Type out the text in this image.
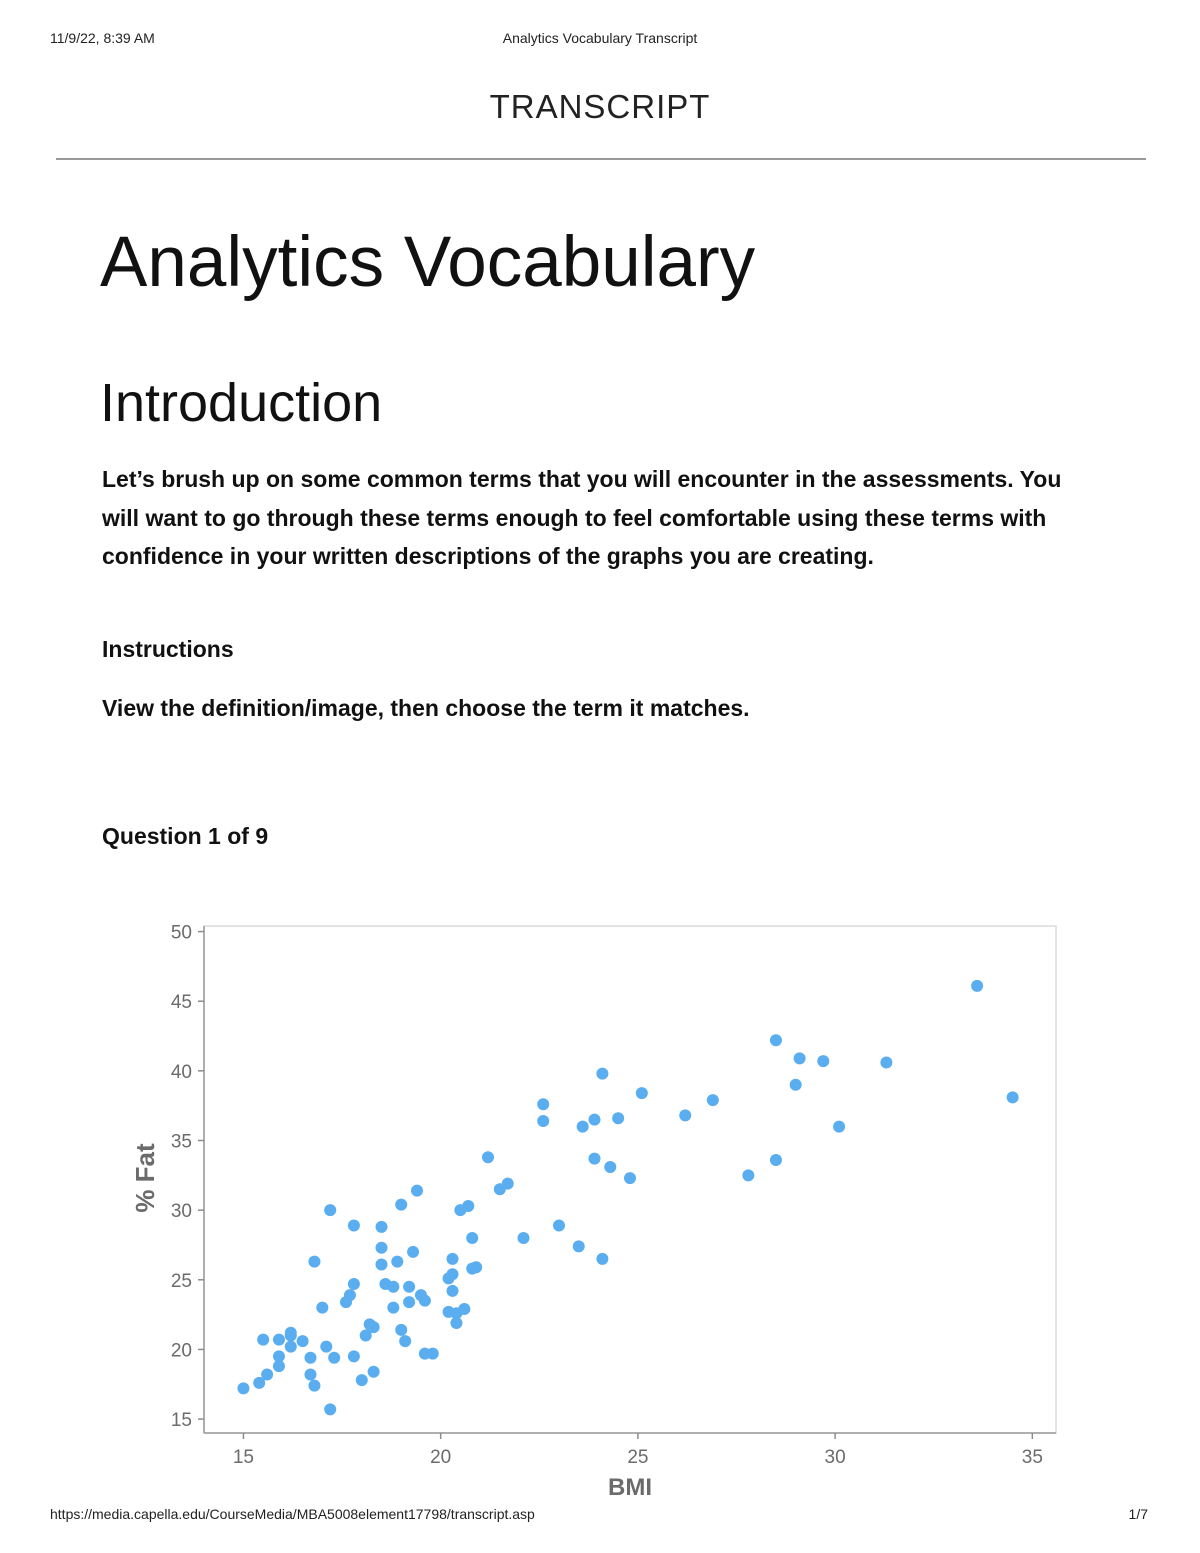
11/9/22, 8:39 AM	Analytics Vocabulary Transcript
TRANSCRIPT
Analytics Vocabulary
Introduction

Let’s brush up on some common terms that you will encounter in the assessments. You will want to go through these terms enough to feel comfortable using these terms with confidence in your written descriptions of the graphs you are creating.

Instructions

View the definition/image, then choose the term it matches.

Question 1 of 9

15	20	25	30	35
15
20
25
30
35
40
45
50
BMI
% Fat
https://media.capella.edu/CourseMedia/MBA5008element17798/transcript.asp	1/7
